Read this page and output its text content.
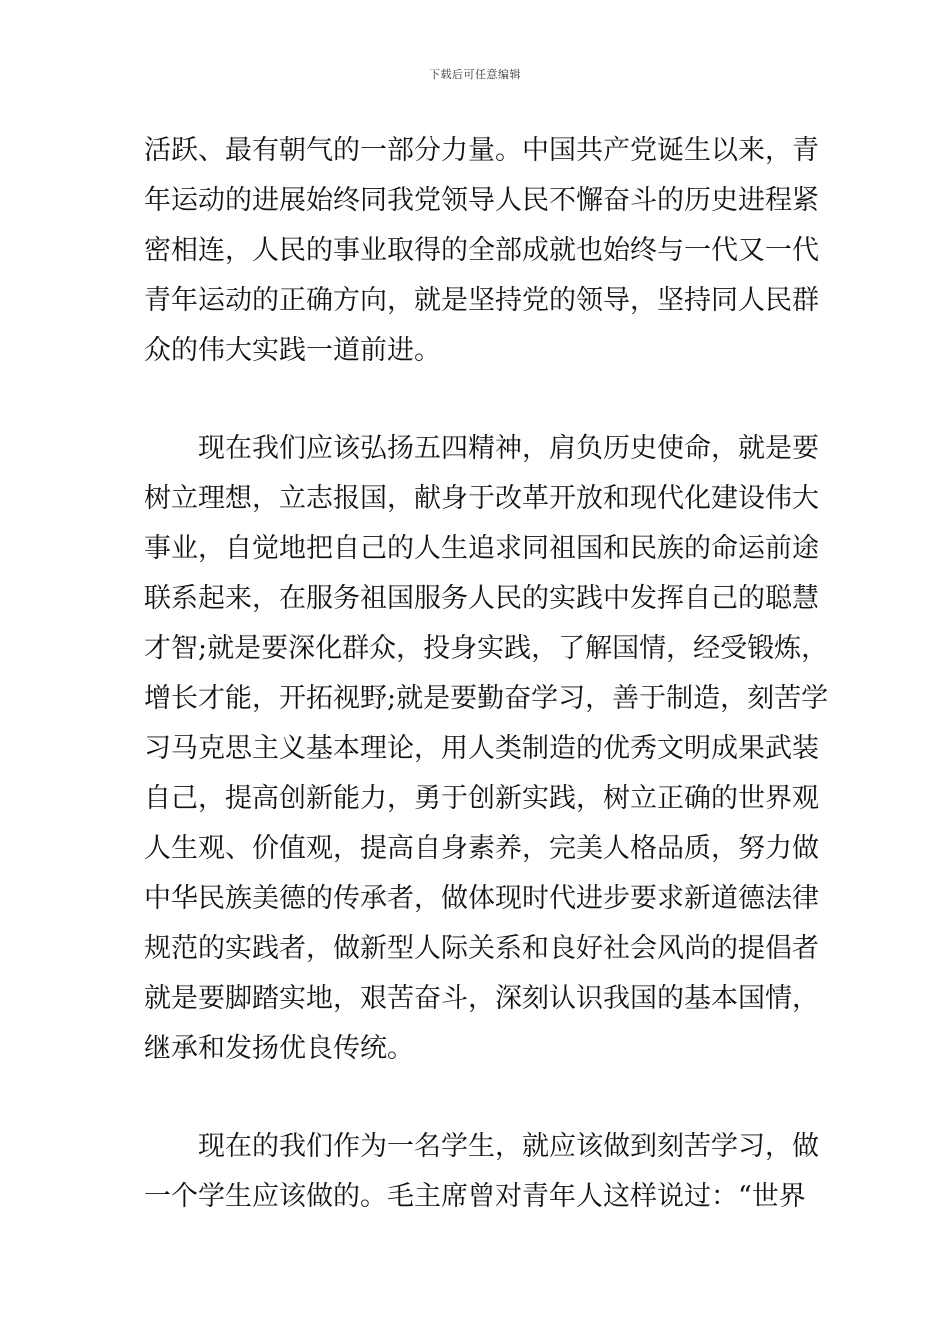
下载后可任意编辑
活跃、最有朝气的一部分力量。中国共产党诞生以来，青
年运动的进展始终同我党领导人民不懈奋斗的历史进程紧
密相连，人民的事业取得的全部成就也始终与一代又一代
青年运动的正确方向，就是坚持党的领导，坚持同人民群
众的伟大实践一道前进。
现在我们应该弘扬五四精神，肩负历史使命，就是要
树立理想，立志报国，献身于改革开放和现代化建设伟大
事业，自觉地把自己的人生追求同祖国和民族的命运前途
联系起来，在服务祖国服务人民的实践中发挥自己的聪慧
才智;就是要深化群众，投身实践，了解国情，经受锻炼，
增长才能，开拓视野;就是要勤奋学习，善于制造，刻苦学
习马克思主义基本理论，用人类制造的优秀文明成果武装
自己，提高创新能力，勇于创新实践，树立正确的世界观
人生观、价值观，提高自身素养，完美人格品质，努力做
中华民族美德的传承者，做体现时代进步要求新道德法律
规范的实践者，做新型人际关系和良好社会风尚的提倡者
就是要脚踏实地，艰苦奋斗，深刻认识我国的基本国情，
继承和发扬优良传统。
现在的我们作为一名学生，就应该做到刻苦学习，做
一个学生应该做的。毛主席曾对青年人这样说过：“世界
